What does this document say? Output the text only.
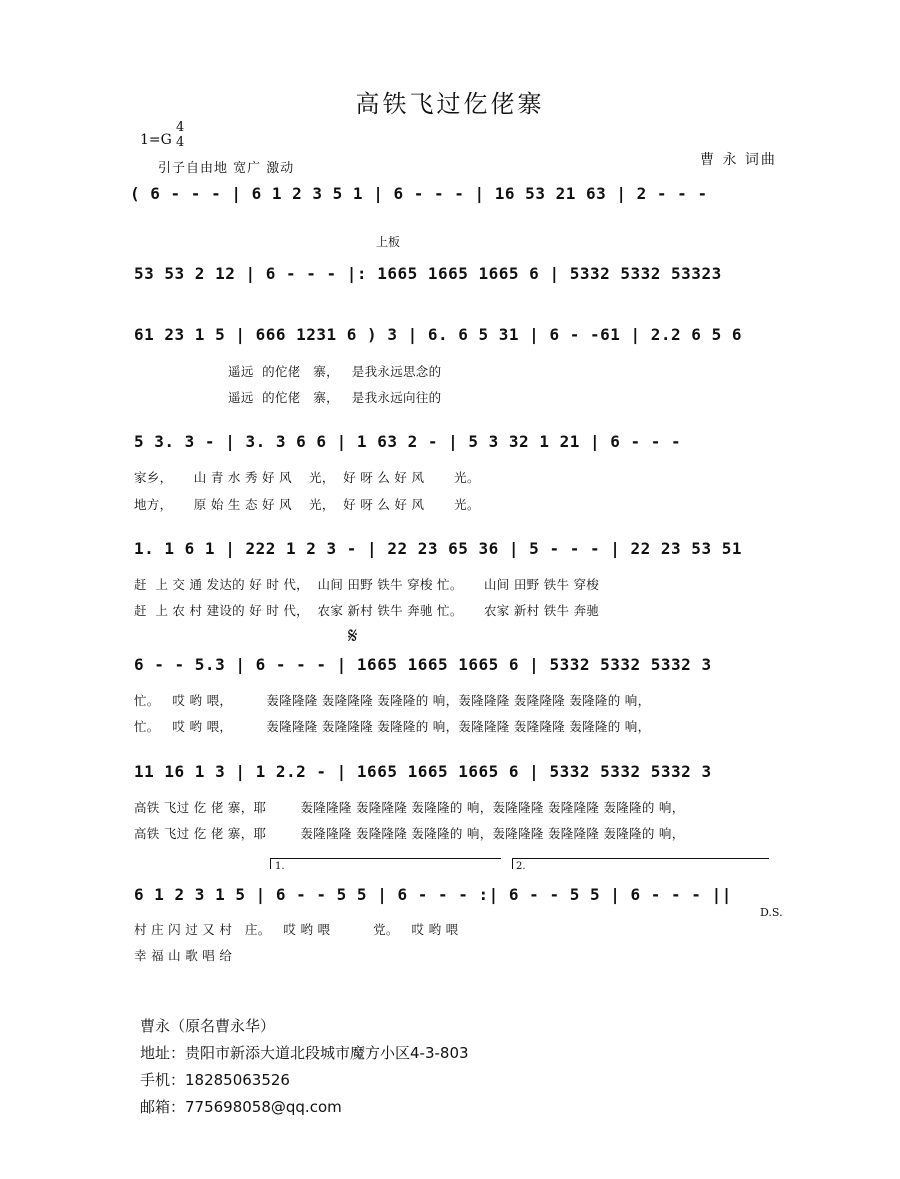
高铁飞过仡佬寨
1=G
4
4
引子自由地 宽广 激动
曹 永 词曲
上板
( 6 - - - | 6 1 2 3 5 1 | 6 - - - | 16 53 21 63 | 2 - - -
53 53 2 12 | 6 - - - |: 1665 1665 1665 6 | 5332 5332 53323
61 23 1 5 | 666 1231 6 ) 3 | 6. 6 5 31 | 6 - -61 | 2.2 6 5 6
遥远  的佗佬   寨，   是我永远思念的
遥远  的佗佬   寨，   是我永远向往的
5 3. 3 - | 3. 3 6 6 | 1 63 2 - | 5 3 32 1 21 | 6 - - -
家乡，     山 青 水 秀 好 风    光，  好 呀 么 好 风       光。
地方，     原 始 生 态 好 风    光，  好 呀 么 好 风       光。
1. 1 6 1 | 222 1 2 3 - | 22 23 65 36 | 5 - - - | 22 23 53 51
赶  上 交 通 发达的 好 时 代，  山间 田野 铁牛 穿梭 忙。     山间 田野 铁牛 穿梭
赶  上 农 村 建设的 好 时 代，  农家 新村 铁牛 奔驰 忙。     农家 新村 铁牛 奔驰
𝄋
6 - - 5.3 | 6 - - - | 1665 1665 1665 6 | 5332 5332 5332 3
忙。   哎 哟 喂，        轰隆隆隆 轰隆隆隆 轰隆隆的 响，轰隆隆隆 轰隆隆隆 轰隆隆的 响，
忙。   哎 哟 喂，        轰隆隆隆 轰隆隆隆 轰隆隆的 响，轰隆隆隆 轰隆隆隆 轰隆隆的 响，
11 16 1 3 | 1 2.2 - | 1665 1665 1665 6 | 5332 5332 5332 3
高铁 飞过 仡 佬 寨，耶        轰隆隆隆 轰隆隆隆 轰隆隆的 响，轰隆隆隆 轰隆隆隆 轰隆隆的 响，
高铁 飞过 仡 佬 寨，耶        轰隆隆隆 轰隆隆隆 轰隆隆的 响，轰隆隆隆 轰隆隆隆 轰隆隆的 响，
1.	2.
6 1 2 3 1 5 | 6 - - 5 5 | 6 - - - :| 6 - - 5 5 | 6 - - - ||
D.S.
村 庄 闪 过 又 村   庄。   哎 哟 喂          党。   哎 哟 喂
幸 福 山 歌 唱 给
曹永（原名曹永华）
地址：贵阳市新添大道北段城市魔方小区4-3-803
手机：18285063526
邮箱：775698058@qq.com
